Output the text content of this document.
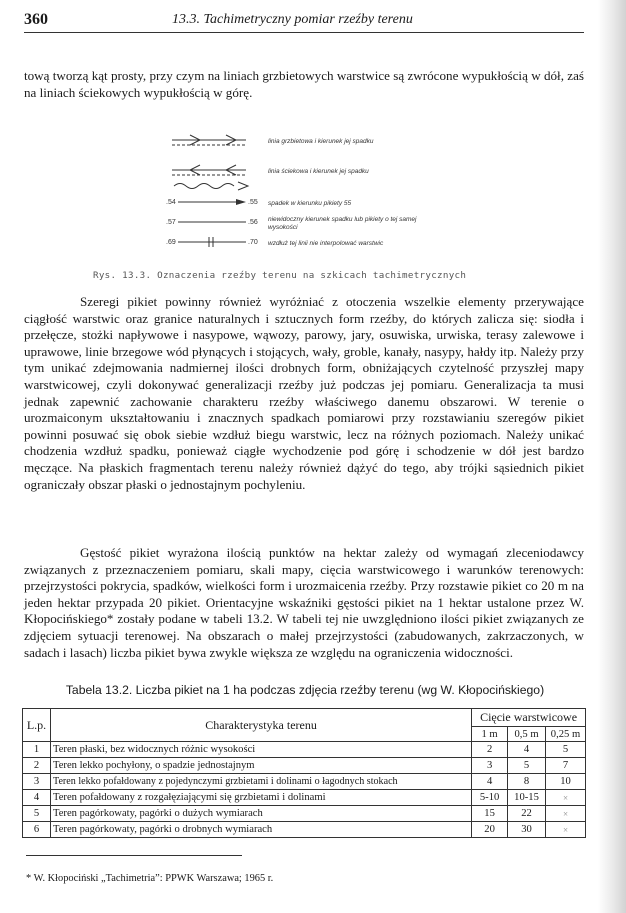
360	13.3. Tachimetryczny pomiar rzeźby terenu

tową tworzą kąt prosty, przy czym na liniach grzbietowych warstwice są zwrócone wypukłością w dół, zaś na liniach ściekowych wypukłością w górę.

linia grzbietowa i kierunek jej spadku
linia ściekowa i kierunek jej spadku
.54	.55 spadek w kierunku pikiety 55
.57	.56 niewidoczny kierunek spadku lub pikiety o tej samej wysokości
.69	.70 wzdłuż tej linii nie interpolować warstwic
Rys. 13.3. Oznaczenia rzeźby terenu na szkicach tachimetrycznych

Szeregi pikiet powinny również wyróżniać z otoczenia wszelkie elementy przerywające ciągłość warstwic oraz granice naturalnych i sztucznych form rzeźby, do których zalicza się: siodła i przełęcze, stożki napływowe i nasypowe, wąwozy, parowy, jary, osuwiska, urwiska, terasy zalewowe i uprawowe, linie brzegowe wód płynących i stojących, wały, groble, kanały, nasypy, hałdy itp. Należy przy tym unikać zdejmowania nadmiernej ilości drobnych form, obniżających czytelność przyszłej mapy warstwicowej, czyli dokonywać generalizacji rzeźby już podczas jej pomiaru. Generalizacja ta musi jednak zapewnić zachowanie charakteru rzeźby właściwego danemu obszarowi. W terenie o urozmaiconym ukształtowaniu i znacznych spadkach pomiarowi przy rozstawianiu szeregów pikiet powinni posuwać się obok siebie wzdłuż biegu warstwic, lecz na różnych poziomach. Należy unikać chodzenia wzdłuż spadku, ponieważ ciągłe wychodzenie pod górę i schodzenie w dół jest bardzo męczące. Na płaskich fragmentach terenu należy również dążyć do tego, aby trójki sąsiednich pikiet ograniczały obszar płaski o jednostajnym pochyleniu.

Gęstość pikiet wyrażona ilością punktów na hektar zależy od wymagań zleceniodawcy związanych z przeznaczeniem pomiaru, skali mapy, cięcia warstwicowego i warunków terenowych: przejrzystości pokrycia, spadków, wielkości form i urozmaicenia rzeźby. Przy rozstawie pikiet co 20 m na jeden hektar przypada 20 pikiet. Orientacyjne wskaźniki gęstości pikiet na 1 hektar ustalone przez W. Kłopocińskiego* zostały podane w tabeli 13.2. W tabeli tej nie uwzględniono ilości pikiet związanych ze zdjęciem sytuacji terenowej. Na obszarach o małej przejrzystości (zabudowanych, zakrzaczonych, w sadach i lasach) liczba pikiet bywa zwykle większa ze względu na ograniczenia widoczności.

Tabela 13.2. Liczba pikiet na 1 ha podczas zdjęcia rzeźby terenu (wg W. Kłopocińskiego)
L.p.	Charakterystyka terenu	Cięcie warstwicowe		
		1 m	0,5 m	0,25 m
1	Teren płaski, bez widocznych różnic wysokości	2	4	5
2	Teren lekko pochyłony, o spadzie jednostajnym	3	5	7
3	Teren lekko pofałdowany z pojedynczymi grzbietami i dolinami o łagodnych stokach	4	8	10
4	Teren pofałdowany z rozgałęziającymi się grzbietami i dolinami	5-10	10-15	×
5	Teren pagórkowaty, pagórki o dużych wymiarach	15	22	×
6	Teren pagórkowaty, pagórki o drobnych wymiarach	20	30	×
* W. Kłopociński „Tachimetria”: PPWK Warszawa; 1965 r.
